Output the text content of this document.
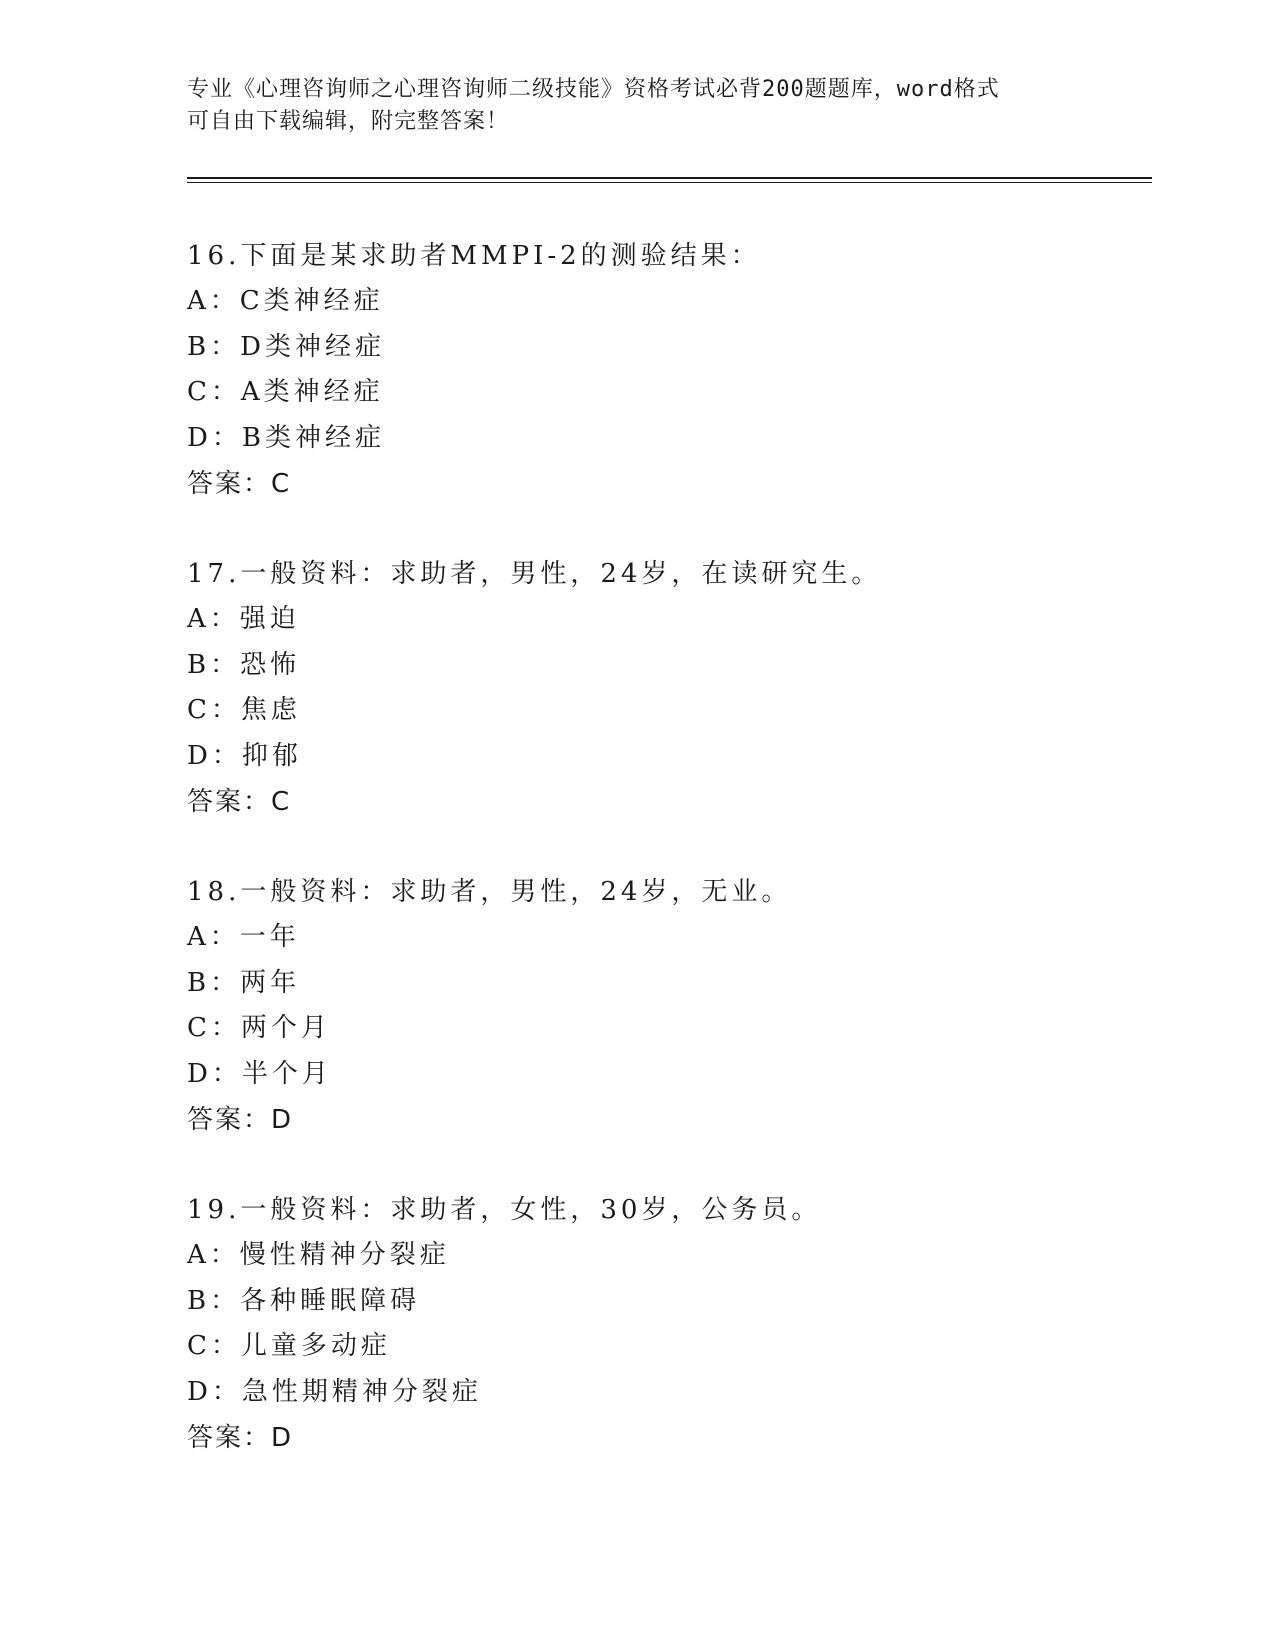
专业《心理咨询师之心理咨询师二级技能》资格考试必背200题题库，word格式
可自由下载编辑，附完整答案！
16.下面是某求助者MMPI-2的测验结果：
A：C类神经症
B：D类神经症
C：A类神经症
D：B类神经症
答案：C
17.一般资料：求助者，男性，24岁，在读研究生。
A：强迫
B：恐怖
C：焦虑
D：抑郁
答案：C
18.一般资料：求助者，男性，24岁，无业。
A：一年
B：两年
C：两个月
D：半个月
答案：D
19.一般资料：求助者，女性，30岁，公务员。
A：慢性精神分裂症
B：各种睡眠障碍
C：儿童多动症
D：急性期精神分裂症
答案：D
